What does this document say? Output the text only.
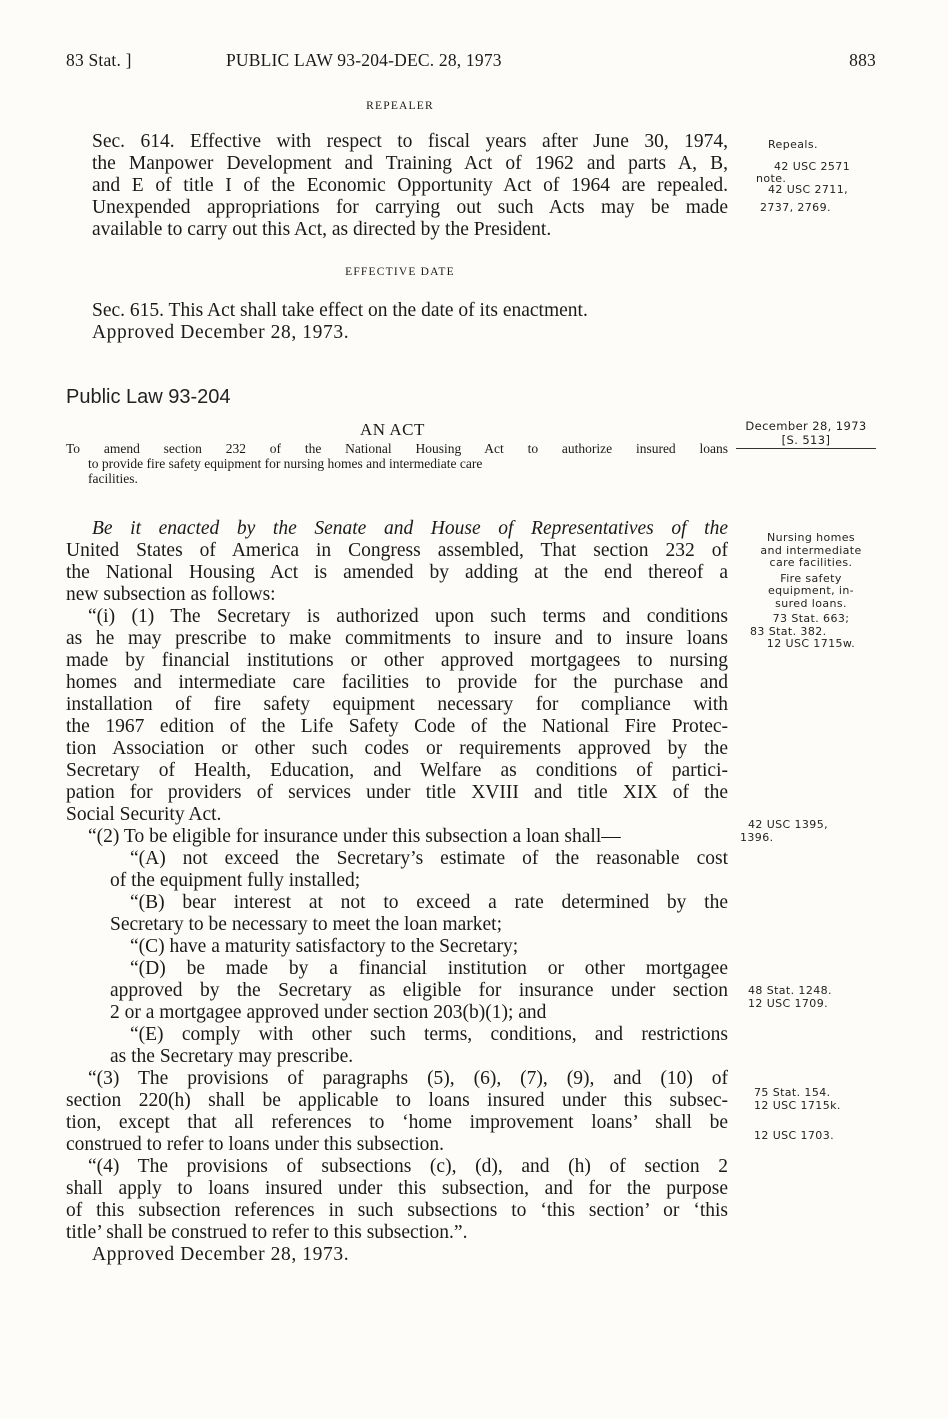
83 Stat. ]	PUBLIC LAW 93-204-DEC. 28, 1973	883
REPEALER
Sec. 614. Effective with respect to fiscal years after June 30, 1974,
the Manpower Development and Training Act of 1962 and parts A, B,
and E of title I of the Economic Opportunity Act of 1964 are repealed.
Unexpended appropriations for carrying out such Acts may be made
available to carry out this Act, as directed by the President.
Repeals.
42 USC 2571
note.
42 USC 2711,
2737, 2769.
EFFECTIVE DATE
Sec. 615. This Act shall take effect on the date of its enactment.
Approved December 28, 1973.
Public Law 93-204
AN ACT	December 28, 1973
[S. 513]
To amend section 232 of the National Housing Act to authorize insured loans
to provide fire safety equipment for nursing homes and intermediate care
facilities.
Be it enacted by the Senate and House of Representatives of the
United States of America in Congress assembled, That section 232 of
the National Housing Act is amended by adding at the end thereof a
new subsection as follows:
“(i) (1) The Secretary is authorized upon such terms and conditions
as he may prescribe to make commitments to insure and to insure loans
made by financial institutions or other approved mortgagees to nursing
homes and intermediate care facilities to provide for the purchase and
installation of fire safety equipment necessary for compliance with
the 1967 edition of the Life Safety Code of the National Fire Protec-
tion Association or other such codes or requirements approved by the
Secretary of Health, Education, and Welfare as conditions of partici-
pation for providers of services under title XVIII and title XIX of the
Social Security Act.
“(2) To be eligible for insurance under this subsection a loan shall—
“(A) not exceed the Secretary’s estimate of the reasonable cost
of the equipment fully installed;
“(B) bear interest at not to exceed a rate determined by the
Secretary to be necessary to meet the loan market;
“(C) have a maturity satisfactory to the Secretary;
“(D) be made by a financial institution or other mortgagee
approved by the Secretary as eligible for insurance under section
2 or a mortgagee approved under section 203(b)(1); and
“(E) comply with other such terms, conditions, and restrictions
as the Secretary may prescribe.
“(3) The provisions of paragraphs (5), (6), (7), (9), and (10) of
section 220(h) shall be applicable to loans insured under this subsec-
tion, except that all references to ‘home improvement loans’ shall be
construed to refer to loans under this subsection.
“(4) The provisions of subsections (c), (d), and (h) of section 2
shall apply to loans insured under this subsection, and for the purpose
of this subsection references in such subsections to ‘this section’ or ‘this
title’ shall be construed to refer to this subsection.”.
Approved December 28, 1973.
Nursing homes
and intermediate
care facilities.
Fire safety
equipment, in-
sured loans.
73 Stat. 663;
83 Stat. 382.
12 USC 1715w.
42 USC 1395,
1396.
48 Stat. 1248.
12 USC 1709.
75 Stat. 154.
12 USC 1715k.
12 USC 1703.
